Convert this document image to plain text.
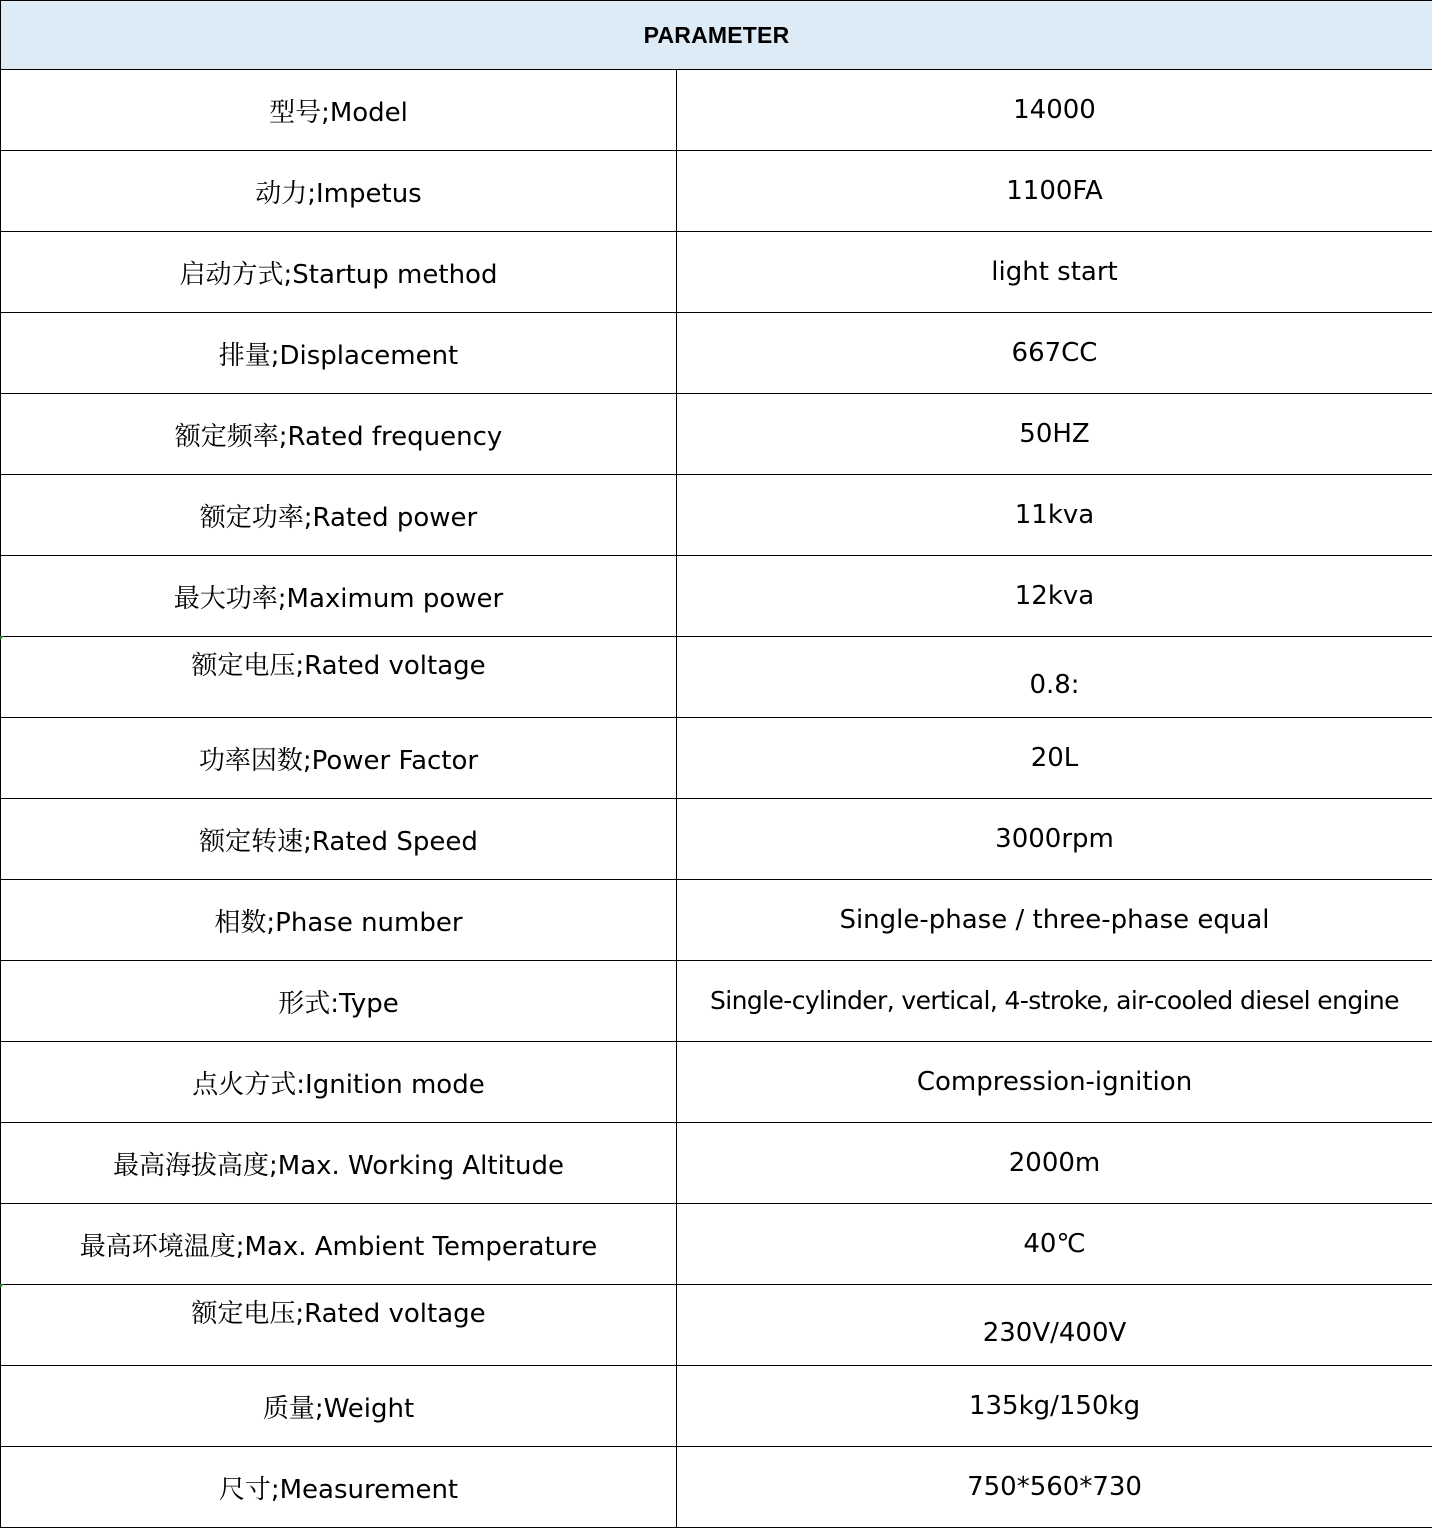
PARAMETER	
型号;Model	14000
动力;Impetus	1100FA
启动方式;Startup method	light start
排量;Displacement	667CC
额定频率;Rated frequency	50HZ
额定功率;Rated power	11kva
最大功率;Maximum power	12kva

额定电压;Rated voltage	0.8:

功率因数;Power Factor	20L
额定转速;Rated Speed	3000rpm
相数;Phase number	Single-phase / three-phase equal
形式:Type	Single-cylinder, vertical, 4-stroke, air-cooled diesel engine
点火方式:Ignition mode	Compression-ignition
最高海拔高度;Max. Working Altitude	2000m
最高环境温度;Max. Ambient Temperature	40℃

额定电压;Rated voltage	230V/400V

质量;Weight	135kg/150kg
尺寸;Measurement	750*560*730
